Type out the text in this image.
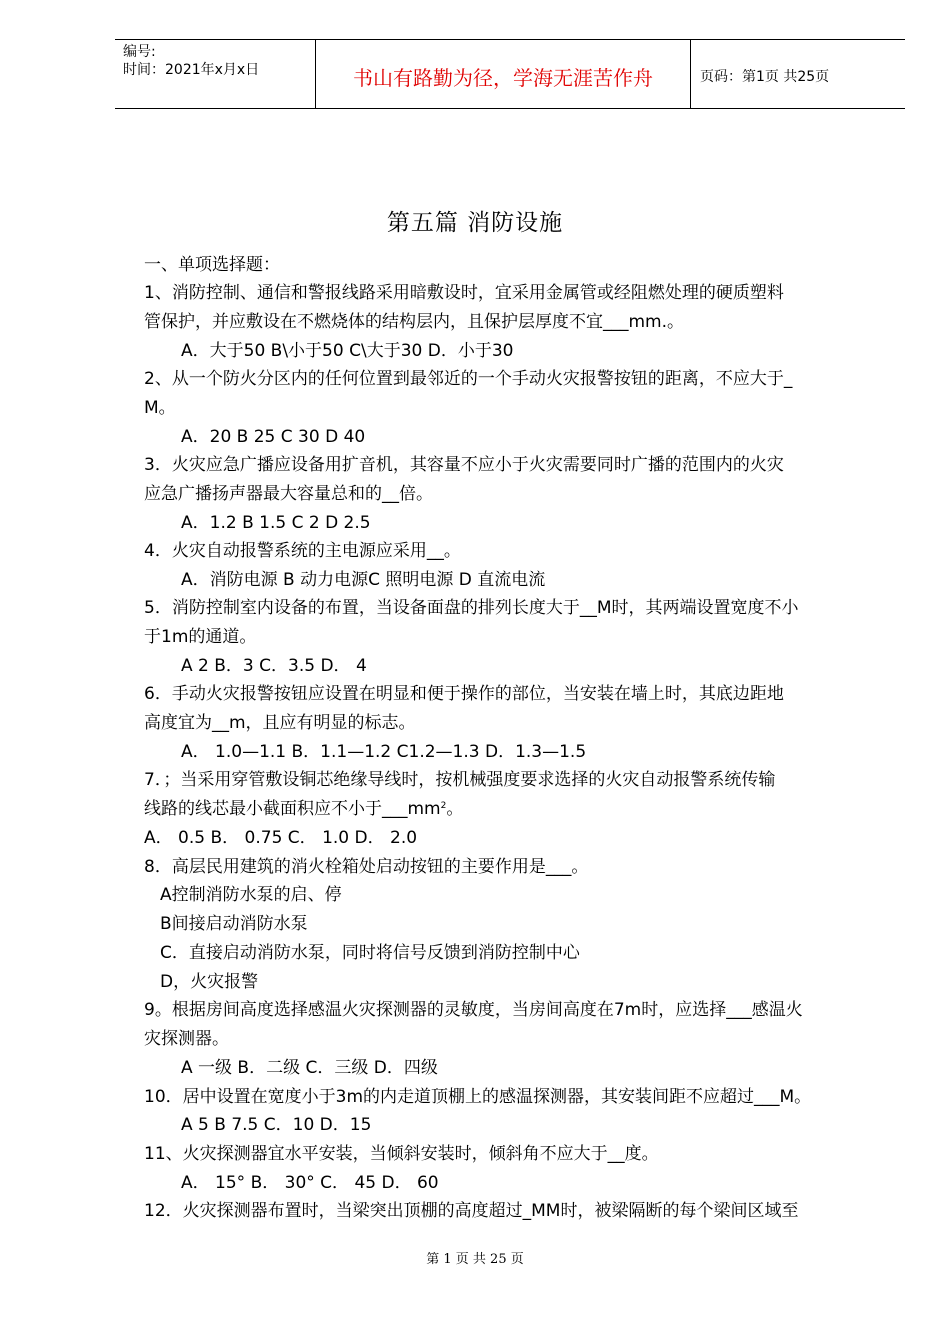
编号:
时间：2021年x月x日	书山有路勤为径，学海无涯苦作舟	页码：第1页 共25页
第五篇 消防设施
一、单项选择题：
1、消防控制、通信和警报线路采用暗敷设时，宜采用金属管或经阻燃处理的硬质塑料
管保护，并应敷设在不燃烧体的结构层内，且保护层厚度不宜___mm.。
A．大于50 B\小于50 C\大于30 D．小于30
2、从一个防火分区内的任何位置到最邻近的一个手动火灾报警按钮的距离，不应大于_
M。
A．20 B 25 C 30 D 40
3．火灾应急广播应设备用扩音机，其容量不应小于火灾需要同时广播的范围内的火灾
应急广播扬声器最大容量总和的__倍。
A．1.2 B 1.5 C 2 D 2.5
4．火灾自动报警系统的主电源应采用__。
A．消防电源 B 动力电源C 照明电源 D 直流电流
5．消防控制室内设备的布置，当设备面盘的排列长度大于__M时，其两端设置宽度不小
于1m的通道。
A 2 B．3 C．3.5 D． 4
6．手动火灾报警按钮应设置在明显和便于操作的部位，当安装在墙上时，其底边距地
高度宜为__m，且应有明显的标志。
A． 1.0—1.1 B．1.1—1.2 C1.2—1.3 D．1.3—1.5
7．；当采用穿管敷设铜芯绝缘导线时，按机械强度要求选择的火灾自动报警系统传输
线路的线芯最小截面积应不小于$\_\_\_mm^2$。
A． 0.5 B． 0.75 C． 1.0 D． 2.0
8．高层民用建筑的消火栓箱处启动按钮的主要作用是___。
A控制消防水泵的启、停
B间接启动消防水泵
C．直接启动消防水泵，同时将信号反馈到消防控制中心
D，火灾报警
9。根据房间高度选择感温火灾探测器的灵敏度，当房间高度在7m时，应选择___感温火
灾探测器。
A 一级 B．二级 C．三级 D．四级
10．居中设置在宽度小于3m的内走道顶棚上的感温探测器，其安装间距不应超过___M。
A 5 B 7.5 C．10 D．15
11、火灾探测器宜水平安装，当倾斜安装时，倾斜角不应大于__度。
A． 15° B． 30° C． 45 D． 60
12．火灾探测器布置时，当梁突出顶棚的高度超过_MM时，被梁隔断的每个梁间区域至
第 1 页 共 25 页
